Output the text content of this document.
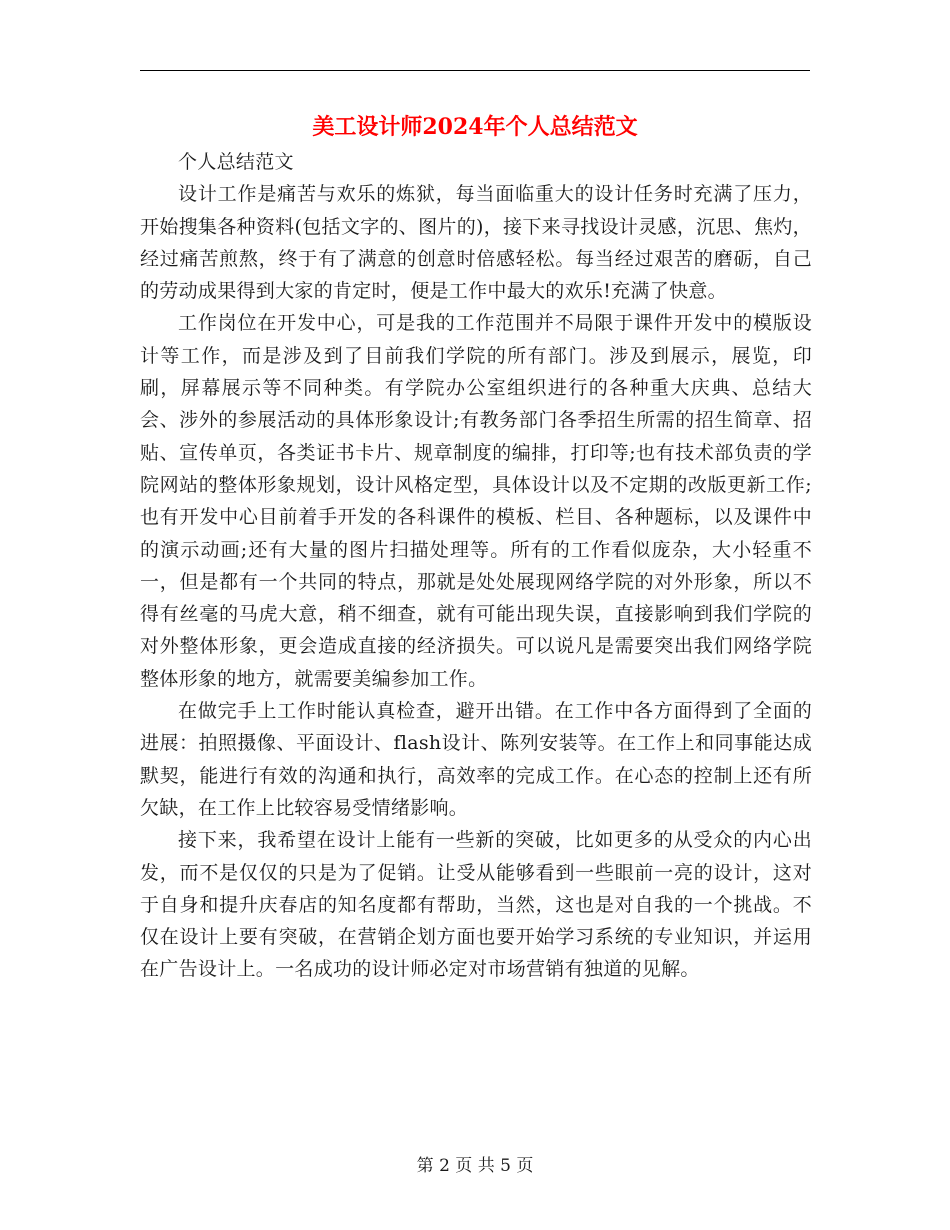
美工设计师2024年个人总结范文

个人总结范文

设计工作是痛苦与欢乐的炼狱，每当面临重大的设计任务时充满了压力，开始搜集各种资料(包括文字的、图片的)，接下来寻找设计灵感，沉思、焦灼，经过痛苦煎熬，终于有了满意的创意时倍感轻松。每当经过艰苦的磨砺，自己的劳动成果得到大家的肯定时，便是工作中最大的欢乐!充满了快意。

工作岗位在开发中心，可是我的工作范围并不局限于课件开发中的模版设计等工作，而是涉及到了目前我们学院的所有部门。涉及到展示，展览，印刷，屏幕展示等不同种类。有学院办公室组织进行的各种重大庆典、总结大会、涉外的参展活动的具体形象设计;有教务部门各季招生所需的招生简章、招贴、宣传单页，各类证书卡片、规章制度的编排，打印等;也有技术部负责的学院网站的整体形象规划，设计风格定型，具体设计以及不定期的改版更新工作;也有开发中心目前着手开发的各科课件的模板、栏目、各种题标，以及课件中的演示动画;还有大量的图片扫描处理等。所有的工作看似庞杂，大小轻重不一，但是都有一个共同的特点，那就是处处展现网络学院的对外形象，所以不得有丝毫的马虎大意，稍不细查，就有可能出现失误，直接影响到我们学院的对外整体形象，更会造成直接的经济损失。可以说凡是需要突出我们网络学院整体形象的地方，就需要美编参加工作。

在做完手上工作时能认真检查，避开出错。在工作中各方面得到了全面的进展：拍照摄像、平面设计、flash设计、陈列安装等。在工作上和同事能达成默契，能进行有效的沟通和执行，高效率的完成工作。在心态的控制上还有所欠缺，在工作上比较容易受情绪影响。

接下来，我希望在设计上能有一些新的突破，比如更多的从受众的内心出发，而不是仅仅的只是为了促销。让受从能够看到一些眼前一亮的设计，这对于自身和提升庆春店的知名度都有帮助，当然，这也是对自我的一个挑战。不仅在设计上要有突破，在营销企划方面也要开始学习系统的专业知识，并运用在广告设计上。一名成功的设计师必定对市场营销有独道的见解。

第 2 页 共 5 页
